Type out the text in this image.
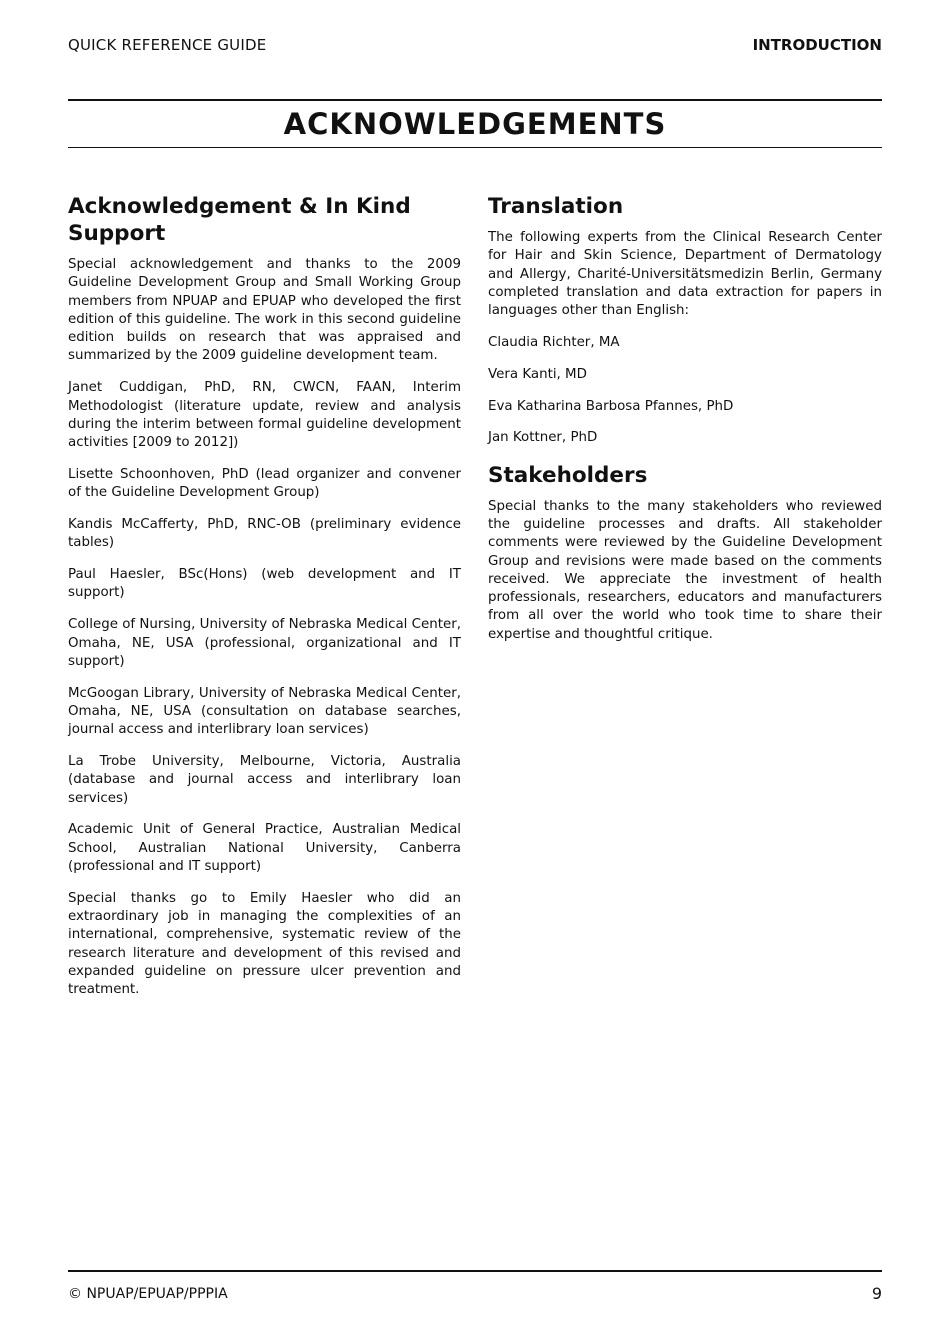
QUICK REFERENCE GUIDE	INTRODUCTION
ACKNOWLEDGEMENTS
Acknowledgement & In Kind Support

Special acknowledgement and thanks to the 2009 Guideline Development Group and Small Working Group members from NPUAP and EPUAP who developed the first edition of this guideline. The work in this second guideline edition builds on research that was appraised and summarized by the 2009 guideline development team.

Janet Cuddigan, PhD, RN, CWCN, FAAN, Interim Methodologist (literature update, review and analysis during the interim between formal guideline development activities [2009 to 2012])

Lisette Schoonhoven, PhD (lead organizer and convener of the Guideline Development Group)

Kandis McCafferty, PhD, RNC-OB (preliminary evidence tables)

Paul Haesler, BSc(Hons) (web development and IT support)

College of Nursing, University of Nebraska Medical Center, Omaha, NE, USA (professional, organizational and IT support)

McGoogan Library, University of Nebraska Medical Center, Omaha, NE, USA (consultation on database searches, journal access and interlibrary loan services)

La Trobe University, Melbourne, Victoria, Australia (database and journal access and interlibrary loan services)

Academic Unit of General Practice, Australian Medical School, Australian National University, Canberra (professional and IT support)

Special thanks go to Emily Haesler who did an extraordinary job in managing the complexities of an international, comprehensive, systematic review of the research literature and development of this revised and expanded guideline on pressure ulcer prevention and treatment.

Translation

The following experts from the Clinical Research Center for Hair and Skin Science, Department of Dermatology and Allergy, Charité-Universitätsmedizin Berlin, Germany completed translation and data extraction for papers in languages other than English:

Claudia Richter, MA

Vera Kanti, MD

Eva Katharina Barbosa Pfannes, PhD

Jan Kottner, PhD

Stakeholders

Special thanks to the many stakeholders who reviewed the guideline processes and drafts. All stakeholder comments were reviewed by the Guideline Development Group and revisions were made based on the comments received. We appreciate the investment of health professionals, researchers, educators and manufacturers from all over the world who took time to share their expertise and thoughtful critique.

© NPUAP/EPUAP/PPPIA	9
